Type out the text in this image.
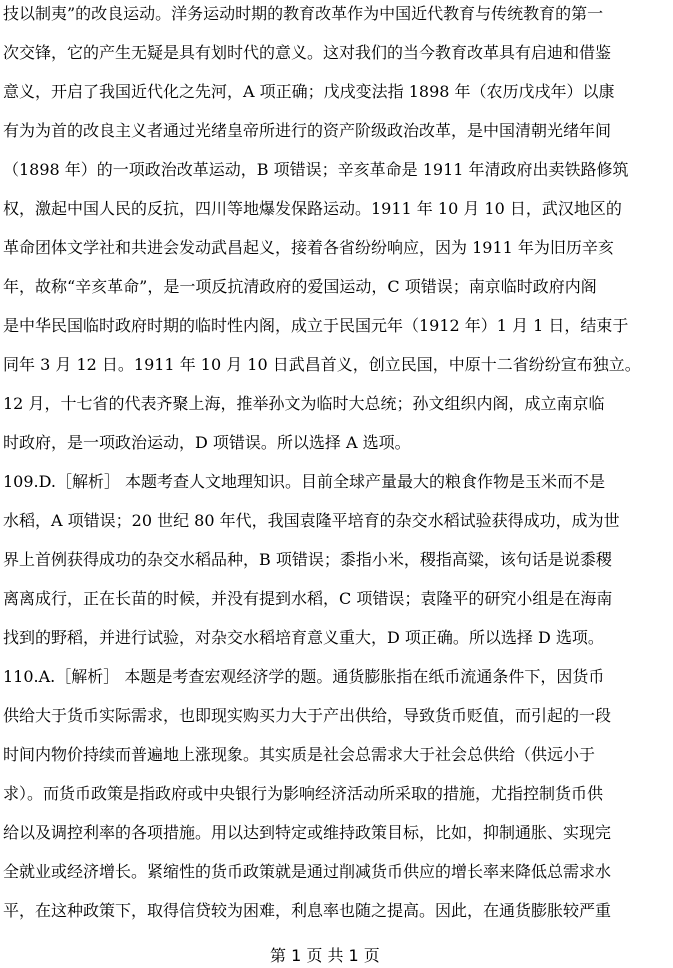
技以制夷”的改良运动。洋务运动时期的教育改革作为中国近代教育与传统教育的第一
次交锋，它的产生无疑是具有划时代的意义。这对我们的当今教育改革具有启迪和借鉴
意义，开启了我国近代化之先河，A 项正确；戊戌变法指 1898 年（农历戊戌年）以康
有为为首的改良主义者通过光绪皇帝所进行的资产阶级政治改革，是中国清朝光绪年间
（1898 年）的一项政治改革运动，B 项错误；辛亥革命是 1911 年清政府出卖铁路修筑
权，激起中国人民的反抗，四川等地爆发保路运动。1911 年 10 月 10 日，武汉地区的
革命团体文学社和共进会发动武昌起义，接着各省纷纷响应，因为 1911 年为旧历辛亥
年，故称“辛亥革命”，是一项反抗清政府的爱国运动，C 项错误；南京临时政府内阁
是中华民国临时政府时期的临时性内阁，成立于民国元年（1912 年）1 月 1 日，结束于
同年 3 月 12 日。1911 年 10 月 10 日武昌首义，创立民国，中原十二省纷纷宣布独立。
12 月，十七省的代表齐聚上海，推举孙文为临时大总统；孙文组织内阁，成立南京临
时政府，是一项政治运动，D 项错误。所以选择 A 选项。
109.D.［解析］ 本题考查人文地理知识。目前全球产量最大的粮食作物是玉米而不是
水稻，A 项错误；20 世纪 80 年代，我国袁隆平培育的杂交水稻试验获得成功，成为世
界上首例获得成功的杂交水稻品种，B 项错误；黍指小米，稷指高粱，该句话是说黍稷
离离成行，正在长苗的时候，并没有提到水稻，C 项错误；袁隆平的研究小组是在海南
找到的野稻，并进行试验，对杂交水稻培育意义重大，D 项正确。所以选择 D 选项。
110.A.［解析］ 本题是考查宏观经济学的题。通货膨胀指在纸币流通条件下，因货币
供给大于货币实际需求，也即现实购买力大于产出供给，导致货币贬值，而引起的一段
时间内物价持续而普遍地上涨现象。其实质是社会总需求大于社会总供给（供远小于
求）。而货币政策是指政府或中央银行为影响经济活动所采取的措施，尤指控制货币供
给以及调控利率的各项措施。用以达到特定或维持政策目标，比如，抑制通胀、实现完
全就业或经济增长。紧缩性的货币政策就是通过削减货币供应的增长率来降低总需求水
平，在这种政策下，取得信贷较为困难，利息率也随之提高。因此，在通货膨胀较严重
第 1 页 共 1 页
